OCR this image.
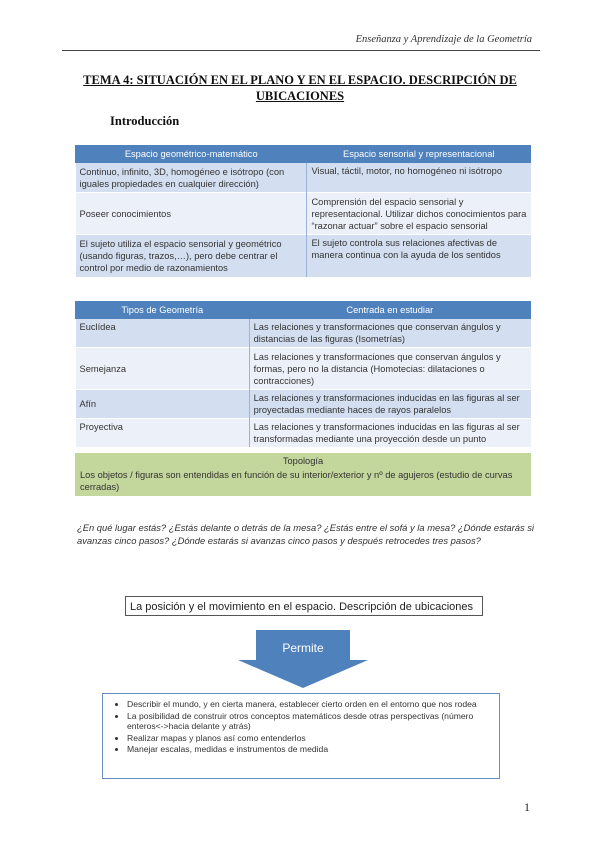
Enseñanza y Aprendizaje de la Geometría
TEMA 4: SITUACIÓN EN EL PLANO Y EN EL ESPACIO. DESCRIPCIÓN DE
UBICACIONES
Introducción
Espacio geométrico-matemático	Espacio sensorial y representacional
Continuo, infinito, 3D, homogéneo e isótropo (con iguales propiedades en cualquier dirección)	Visual, táctil, motor, no homogéneo ni isótropo
Poseer conocimientos	Comprensión del espacio sensorial y representacional. Utilizar dichos conocimientos para “razonar actuar” sobre el espacio sensorial
El sujeto utiliza el espacio sensorial y geométrico (usando figuras, trazos,…), pero debe centrar el control por medio de razonamientos	El sujeto controla sus relaciones afectivas de manera continua con la ayuda de los sentidos
Tipos de Geometría	Centrada en estudiar
Euclídea	Las relaciones y transformaciones que conservan ángulos y distancias de las figuras (Isometrías)
Semejanza	Las relaciones y transformaciones que conservan ángulos y formas, pero no la distancia (Homotecias: dilataciones o contracciones)
Afín	Las relaciones y transformaciones inducidas en las figuras al ser proyectadas mediante haces de rayos paralelos
Proyectiva	Las relaciones y transformaciones inducidas en las figuras al ser transformadas mediante una proyección desde un punto
Topología
Los objetos / figuras son entendidas en función de su interior/exterior y nº de agujeros (estudio de curvas cerradas)
¿En qué lugar estás? ¿Estás delante o detrás de la mesa? ¿Estás entre el sofá y la mesa? ¿Dónde estarás si avanzas cinco pasos? ¿Dónde estarás si avanzas cinco pasos y después retrocedes tres pasos?
La posición y el movimiento en el espacio. Descripción de ubicaciones
Permite
• Describir el mundo, y en cierta manera, establecer cierto orden en el entorno que nos rodea
• La posibilidad de construir otros conceptos matemáticos desde otras perspectivas (número enteros<->hacia delante y atrás)
• Realizar mapas y planos así como entenderlos
• Manejar escalas, medidas e instrumentos de medida
1
